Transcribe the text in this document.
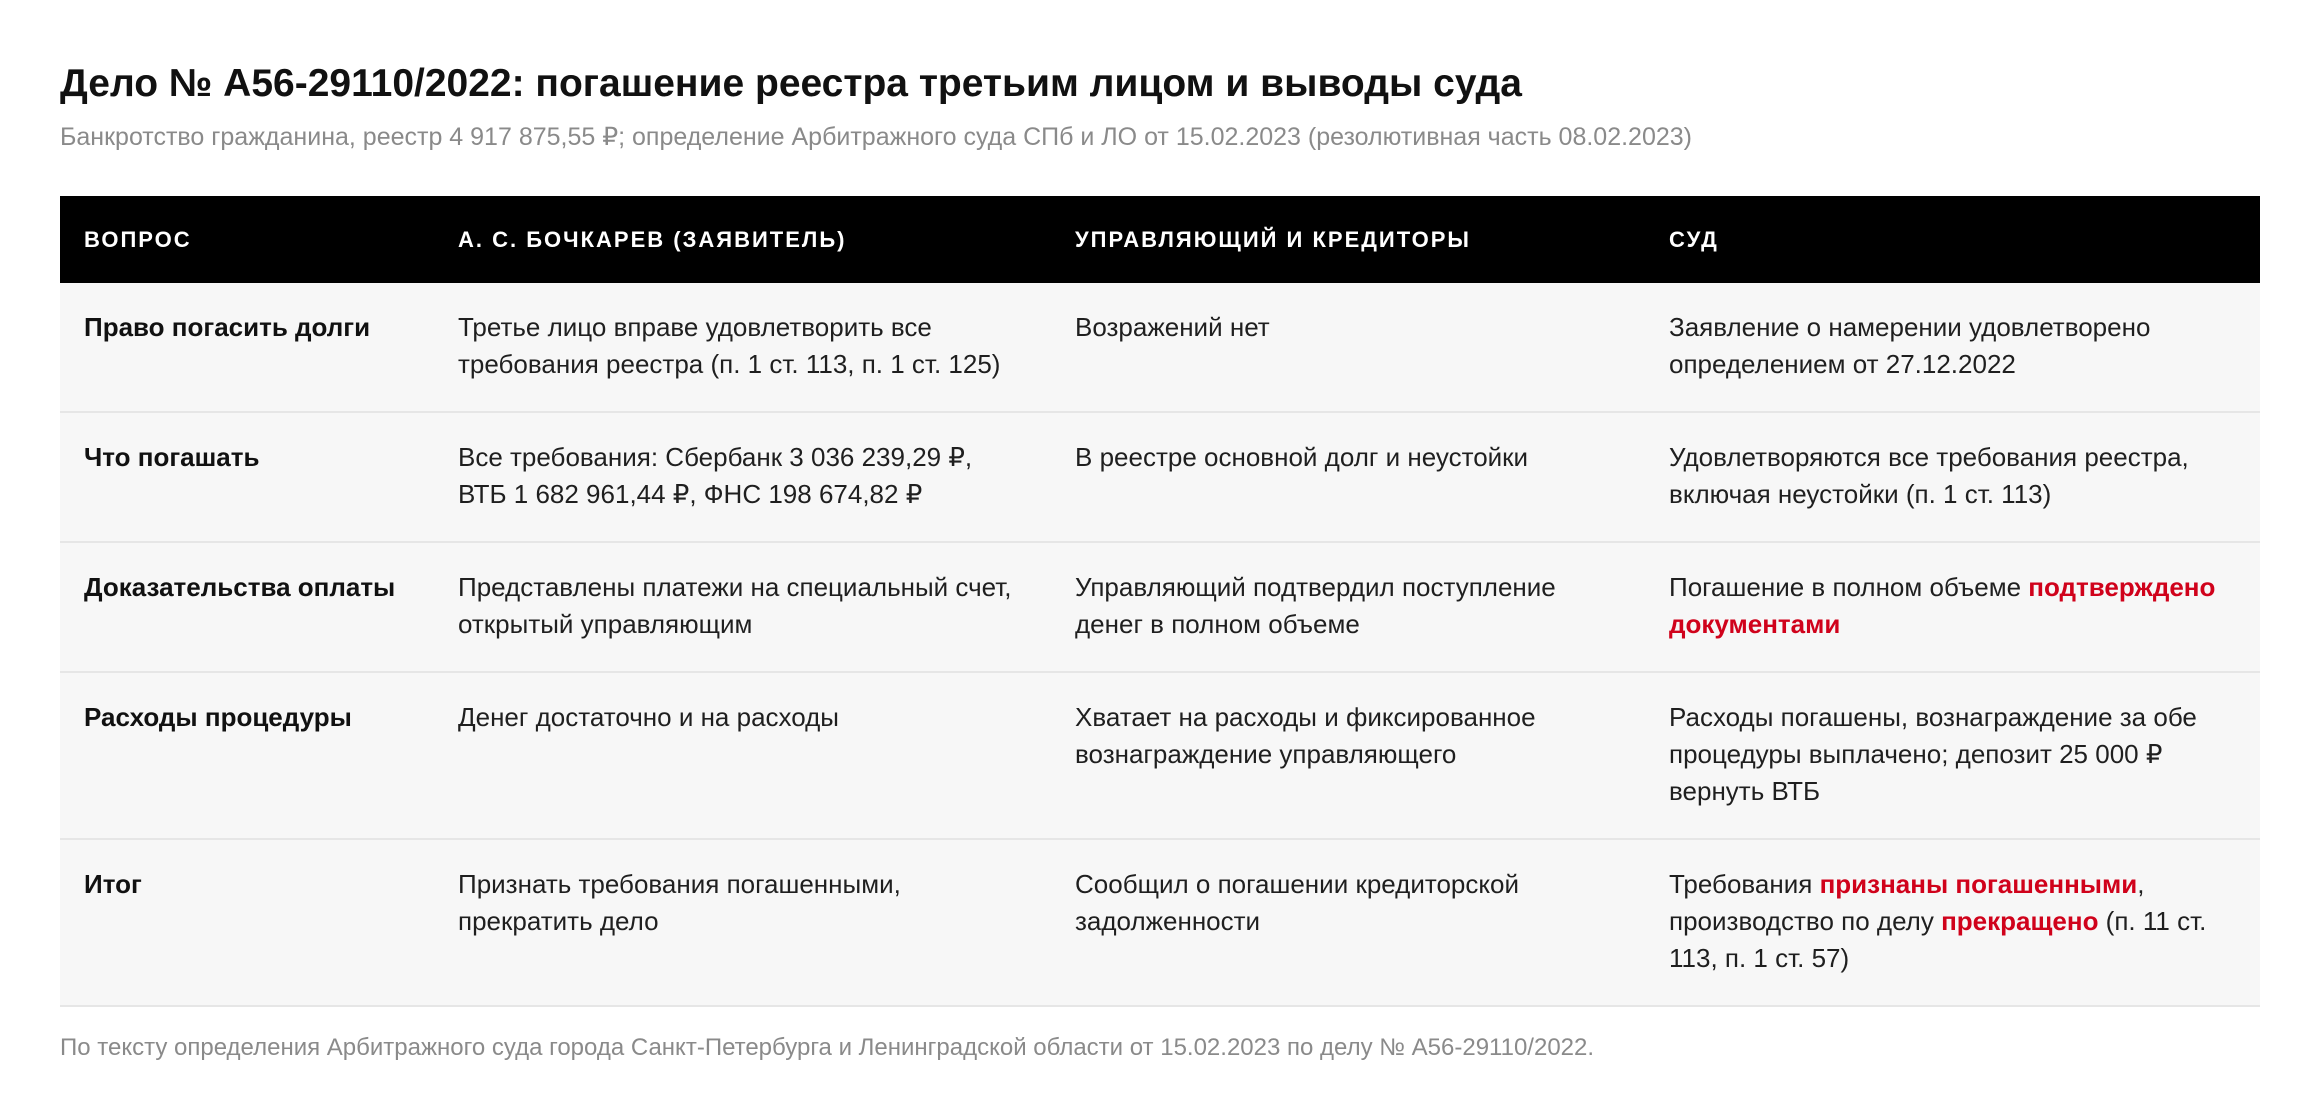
Дело № А56-29110/2022: погашение реестра третьим лицом и выводы суда

Банкротство гражданина, реестр 4 917 875,55 ₽; определение Арбитражного суда СПб и ЛО от 15.02.2023 (резолютивная часть 08.02.2023)

ВОПРОС	А. С. БОЧКАРЕВ (ЗАЯВИТЕЛЬ)	УПРАВЛЯЮЩИЙ И КРЕДИТОРЫ	СУД
Право погасить долги	Третье лицо вправе удовлетворить все требования реестра (п. 1 ст. 113, п. 1 ст. 125)	Возражений нет	Заявление о намерении удовлетворено определением от 27.12.2022
Что погашать	Все требования: Сбербанк 3 036 239,29 ₽, ВТБ 1 682 961,44 ₽, ФНС 198 674,82 ₽	В реестре основной долг и неустойки	Удовлетворяются все требования реестра, включая неустойки (п. 1 ст. 113)
Доказательства оплаты	Представлены платежи на специальный счет, открытый управляющим	Управляющий подтвердил поступление денег в полном объеме	Погашение в полном объеме подтверждено документами
Расходы процедуры	Денег достаточно и на расходы	Хватает на расходы и фиксированное вознаграждение управляющего	Расходы погашены, вознаграждение за обе процедуры выплачено; депозит 25 000 ₽ вернуть ВТБ
Итог	Признать требования погашенными, прекратить дело	Сообщил о погашении кредиторской задолженности	Требования признаны погашенными, производство по делу прекращено (п. 11 ст. 113, п. 1 ст. 57)

По тексту определения Арбитражного суда города Санкт-Петербурга и Ленинградской области от 15.02.2023 по делу № А56-29110/2022.
